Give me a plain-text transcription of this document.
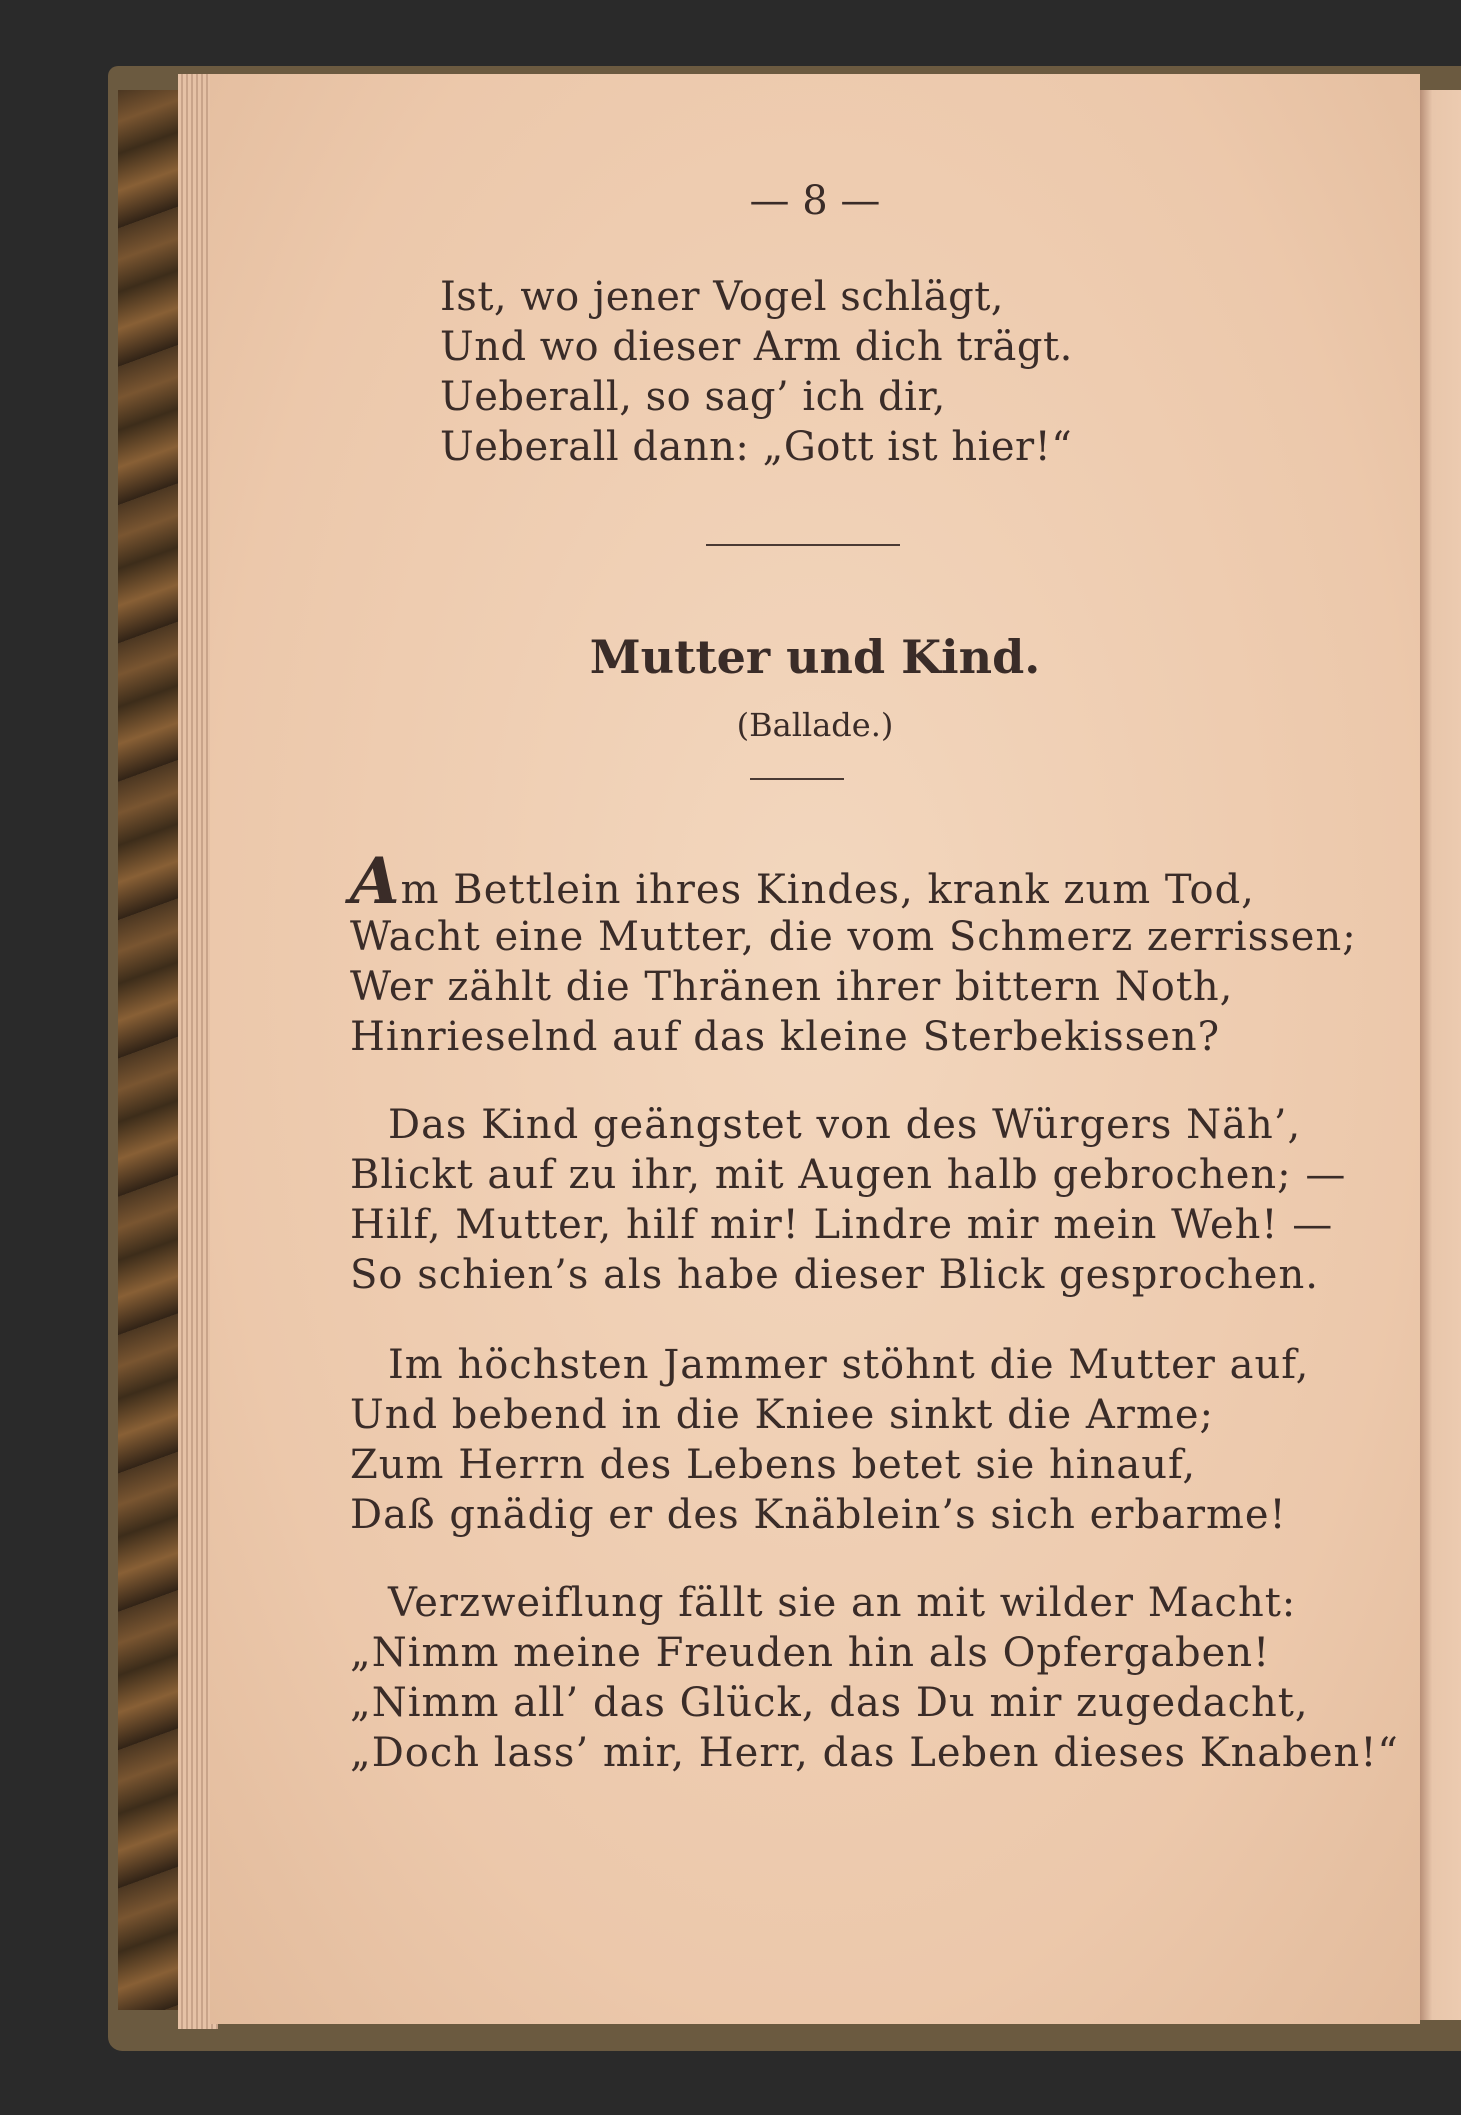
— 8 —
Ist, wo jener Vogel schlägt,
Und wo dieser Arm dich trägt.
Ueberall, so sag’ ich dir,
Ueberall dann: „Gott ist hier!“
Mutter und Kind.
(Ballade.)
Am Bettlein ihres Kindes, krank zum Tod,
Wacht eine Mutter, die vom Schmerz zerrissen;
Wer zählt die Thränen ihrer bittern Noth,
Hinrieselnd auf das kleine Sterbekissen?
Das Kind geängstet von des Würgers Näh’,
Blickt auf zu ihr, mit Augen halb gebrochen; —
Hilf, Mutter, hilf mir! Lindre mir mein Weh! —
So schien’s als habe dieser Blick gesprochen.
Im höchsten Jammer stöhnt die Mutter auf,
Und bebend in die Kniee sinkt die Arme;
Zum Herrn des Lebens betet sie hinauf,
Daß gnädig er des Knäblein’s sich erbarme!
Verzweiflung fällt sie an mit wilder Macht:
„Nimm meine Freuden hin als Opfergaben!
„Nimm all’ das Glück, das Du mir zugedacht,
„Doch lass’ mir, Herr, das Leben dieses Knaben!“
